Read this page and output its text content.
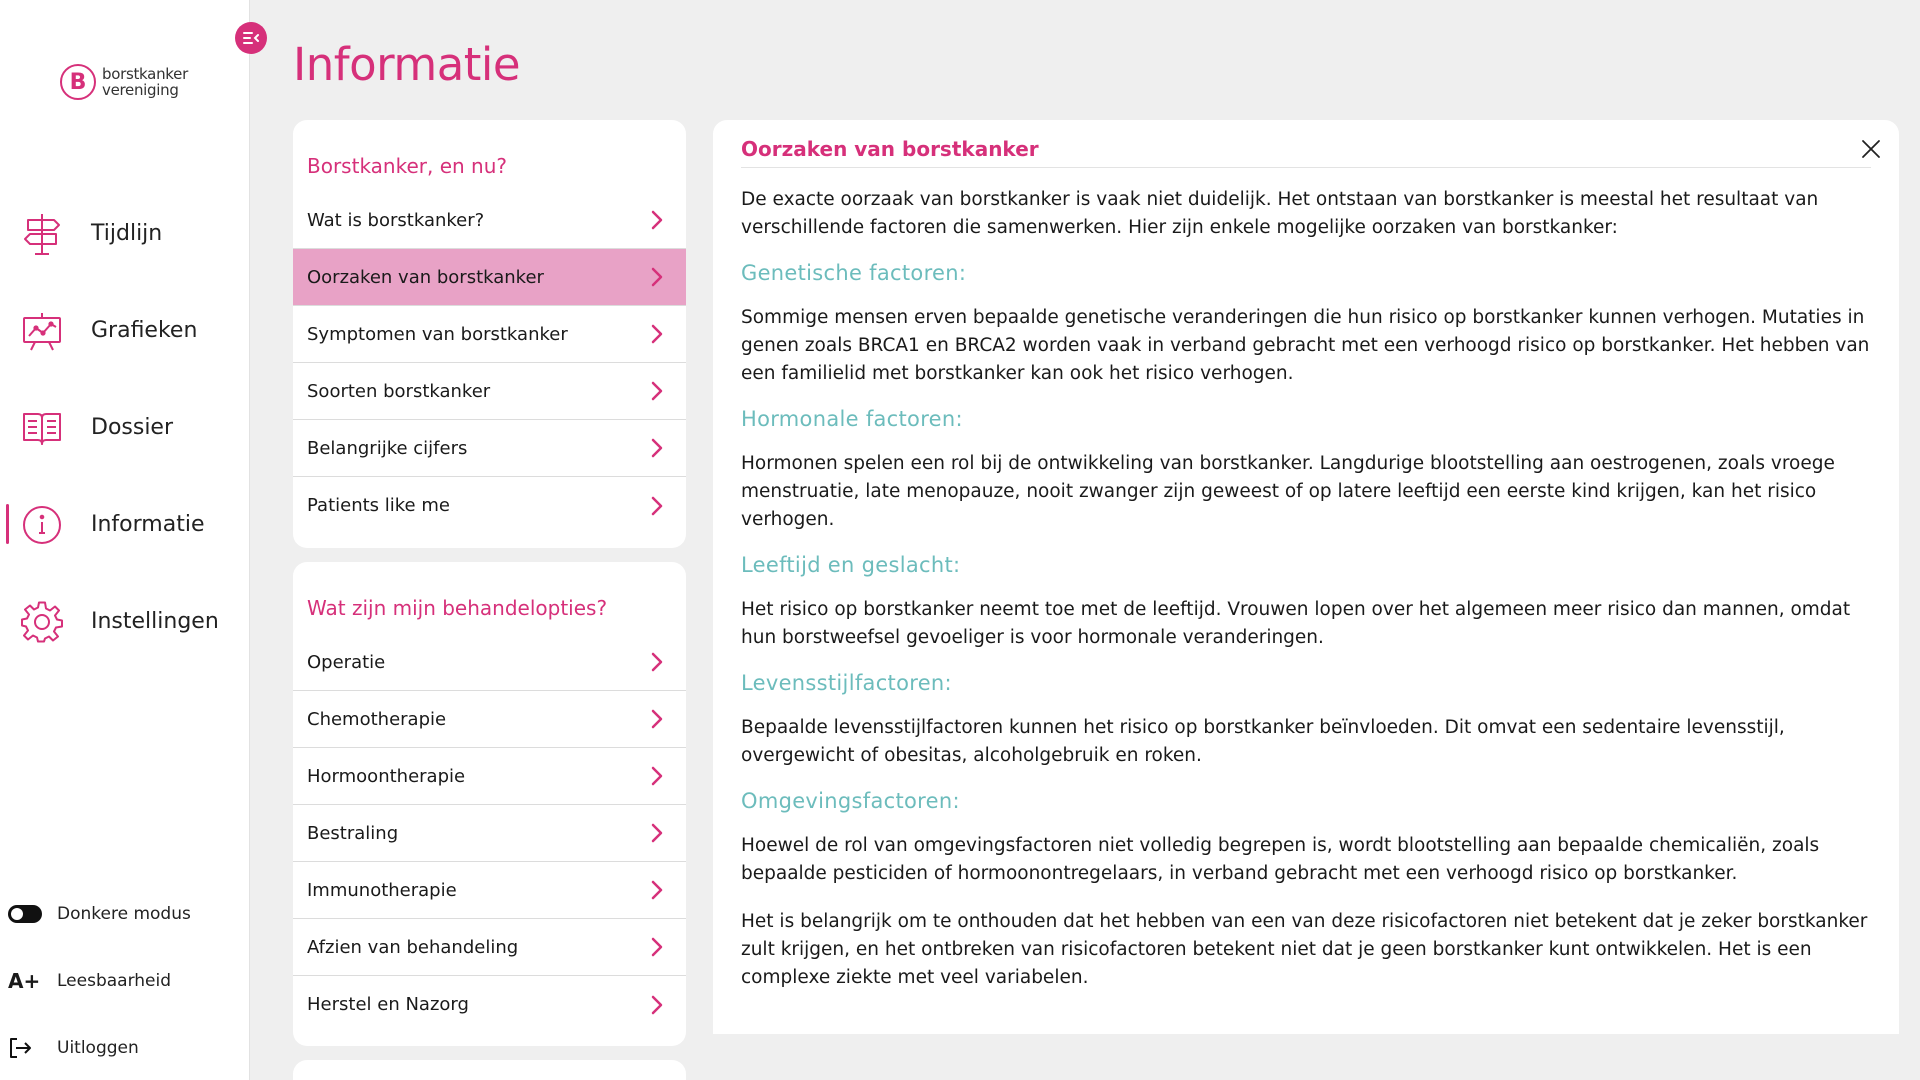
B	borstkanker
vereniging
Tijdlijn
Grafieken
Dossier
Informatie
Instellingen
Donkere modus
A+ Leesbaarheid
Uitloggen
Informatie
Borstkanker, en nu?
Wat is borstkanker?
Oorzaken van borstkanker
Symptomen van borstkanker
Soorten borstkanker
Belangrijke cijfers
Patients like me
Wat zijn mijn behandelopties?
Operatie
Chemotherapie
Hormoontherapie
Bestraling
Immunotherapie
Afzien van behandeling
Herstel en Nazorg
Oorzaken van borstkanker

De exacte oorzaak van borstkanker is vaak niet duidelijk. Het ontstaan van borstkanker is meestal het resultaat van verschillende factoren die samenwerken. Hier zijn enkele mogelijke oorzaken van borstkanker:

Genetische factoren:

Sommige mensen erven bepaalde genetische veranderingen die hun risico op borstkanker kunnen verhogen. Mutaties in genen zoals BRCA1 en BRCA2 worden vaak in verband gebracht met een verhoogd risico op borstkanker. Het hebben van een familielid met borstkanker kan ook het risico verhogen.

Hormonale factoren:

Hormonen spelen een rol bij de ontwikkeling van borstkanker. Langdurige blootstelling aan oestrogenen, zoals vroege menstruatie, late menopauze, nooit zwanger zijn geweest of op latere leeftijd een eerste kind krijgen, kan het risico verhogen.

Leeftijd en geslacht:

Het risico op borstkanker neemt toe met de leeftijd. Vrouwen lopen over het algemeen meer risico dan mannen, omdat hun borstweefsel gevoeliger is voor hormonale veranderingen.

Levensstijlfactoren:

Bepaalde levensstijlfactoren kunnen het risico op borstkanker beïnvloeden. Dit omvat een sedentaire levensstijl, overgewicht of obesitas, alcoholgebruik en roken.

Omgevingsfactoren:

Hoewel de rol van omgevingsfactoren niet volledig begrepen is, wordt blootstelling aan bepaalde chemicaliën, zoals bepaalde pesticiden of hormoonontregelaars, in verband gebracht met een verhoogd risico op borstkanker.

Het is belangrijk om te onthouden dat het hebben van een van deze risicofactoren niet betekent dat je zeker borstkanker zult krijgen, en het ontbreken van risicofactoren betekent niet dat je geen borstkanker kunt ontwikkelen. Het is een complexe ziekte met veel variabelen.
